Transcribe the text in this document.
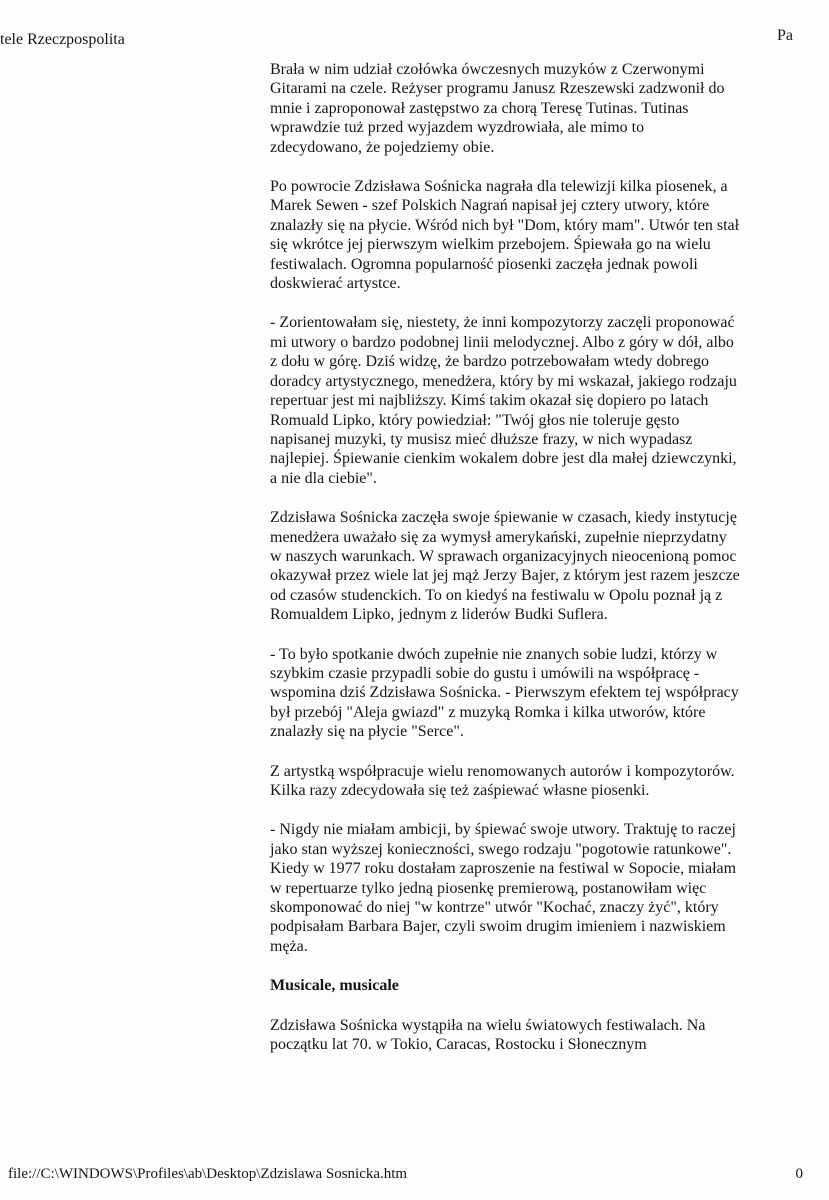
tele Rzeczpospolita	Pa

Brała w nim udział czołówka ówczesnych muzyków z Czerwonymi Gitarami na czele. Reżyser programu Janusz Rzeszewski zadzwonił do mnie i zaproponował zastępstwo za chorą Teresę Tutinas. Tutinas wprawdzie tuż przed wyjazdem wyzdrowiała, ale mimo to zdecydowano, że pojedziemy obie.

Po powrocie Zdzisława Sośnicka nagrała dla telewizji kilka piosenek, a Marek Sewen - szef Polskich Nagrań napisał jej cztery utwory, które znalazły się na płycie. Wśród nich był "Dom, który mam". Utwór ten stał się wkrótce jej pierwszym wielkim przebojem. Śpiewała go na wielu festiwalach. Ogromna popularność piosenki zaczęła jednak powoli doskwierać artystce.

- Zorientowałam się, niestety, że inni kompozytorzy zaczęli proponować mi utwory o bardzo podobnej linii melodycznej. Albo z góry w dół, albo z dołu w górę. Dziś widzę, że bardzo potrzebowałam wtedy dobrego doradcy artystycznego, menedżera, który by mi wskazał, jakiego rodzaju repertuar jest mi najbliższy. Kimś takim okazał się dopiero po latach Romuald Lipko, który powiedział: "Twój głos nie toleruje gęsto napisanej muzyki, ty musisz mieć dłuższe frazy, w nich wypadasz najlepiej. Śpiewanie cienkim wokalem dobre jest dla małej dziewczynki, a nie dla ciebie".

Zdzisława Sośnicka zaczęła swoje śpiewanie w czasach, kiedy instytucję menedżera uważało się za wymysł amerykański, zupełnie nieprzydatny w naszych warunkach. W sprawach organizacyjnych nieocenioną pomoc okazywał przez wiele lat jej mąż Jerzy Bajer, z którym jest razem jeszcze od czasów studenckich. To on kiedyś na festiwalu w Opolu poznał ją z Romualdem Lipko, jednym z liderów Budki Suflera.

- To było spotkanie dwóch zupełnie nie znanych sobie ludzi, którzy w szybkim czasie przypadli sobie do gustu i umówili na współpracę - wspomina dziś Zdzisława Sośnicka. - Pierwszym efektem tej współpracy był przebój "Aleja gwiazd" z muzyką Romka i kilka utworów, które znalazły się na płycie "Serce".

Z artystką współpracuje wielu renomowanych autorów i kompozytorów. Kilka razy zdecydowała się też zaśpiewać własne piosenki.

- Nigdy nie miałam ambicji, by śpiewać swoje utwory. Traktuję to raczej jako stan wyższej konieczności, swego rodzaju "pogotowie ratunkowe". Kiedy w 1977 roku dostałam zaproszenie na festiwal w Sopocie, miałam w repertuarze tylko jedną piosenkę premierową, postanowiłam więc skomponować do niej "w kontrze" utwór "Kochać, znaczy żyć", który podpisałam Barbara Bajer, czyli swoim drugim imieniem i nazwiskiem męża.

Musicale, musicale

Zdzisława Sośnicka wystąpiła na wielu światowych festiwalach. Na początku lat 70. w Tokio, Caracas, Rostocku i Słonecznym

file://C:\WINDOWS\Profiles\ab\Desktop\Zdzislawa Sosnicka.htm	0
